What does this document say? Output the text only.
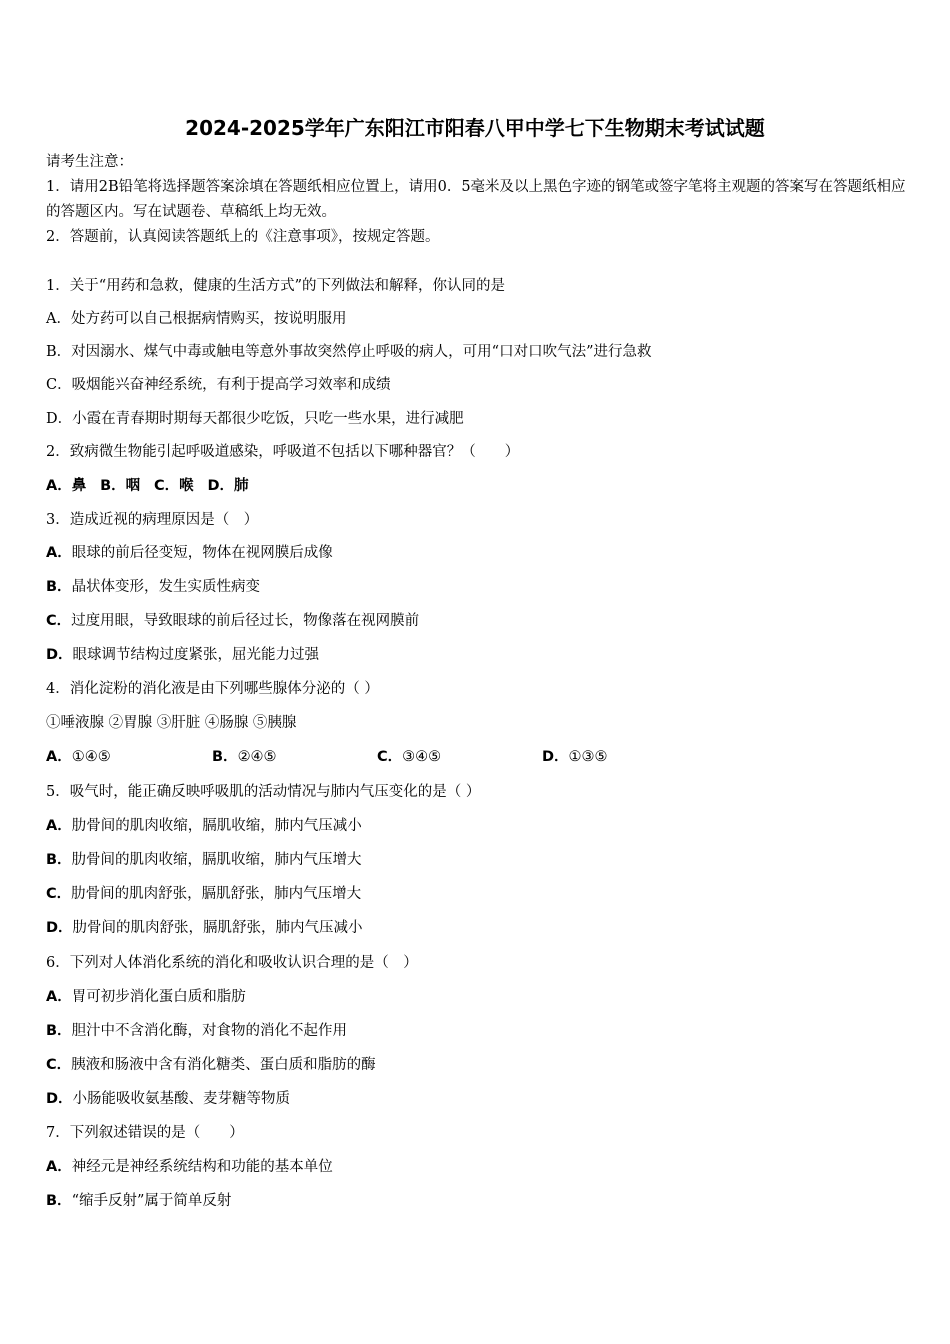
2024-2025学年广东阳江市阳春八甲中学七下生物期末考试试题
请考生注意：
1．请用2B铅笔将选择题答案涂填在答题纸相应位置上，请用0．5毫米及以上黑色字迹的钢笔或签字笔将主观题的答案写在答题纸相应的答题区内。写在试题卷、草稿纸上均无效。
2．答题前，认真阅读答题纸上的《注意事项》，按规定答题。
1．关于“用药和急救，健康的生活方式”的下列做法和解释，你认同的是
A．处方药可以自己根据病情购买，按说明服用
B．对因溺水、煤气中毒或触电等意外事故突然停止呼吸的病人，可用“口对口吹气法”进行急救
C．吸烟能兴奋神经系统，有利于提高学习效率和成绩
D．小霞在青春期时期每天都很少吃饭，只吃一些水果，进行减肥
2．致病微生物能引起呼吸道感染，呼吸道不包括以下哪种器官？（　　）
A．鼻 B．咽 C．喉 D．肺
3．造成近视的病理原因是（　）
A．眼球的前后径变短，物体在视网膜后成像
B．晶状体变形，发生实质性病变
C．过度用眼，导致眼球的前后径过长，物像落在视网膜前
D．眼球调节结构过度紧张，屈光能力过强
4．消化淀粉的消化液是由下列哪些腺体分泌的（ ）
①唾液腺 ②胃腺 ③肝脏 ④肠腺 ⑤胰腺
A．①④⑤	B．②④⑤	C．③④⑤	D．①③⑤
5．吸气时，能正确反映呼吸肌的活动情况与肺内气压变化的是（ ）
A．肋骨间的肌肉收缩，膈肌收缩，肺内气压减小
B．肋骨间的肌肉收缩，膈肌收缩，肺内气压增大
C．肋骨间的肌肉舒张，膈肌舒张，肺内气压增大
D．肋骨间的肌肉舒张，膈肌舒张，肺内气压减小
6．下列对人体消化系统的消化和吸收认识合理的是（　）
A．胃可初步消化蛋白质和脂肪
B．胆汁中不含消化酶，对食物的消化不起作用
C．胰液和肠液中含有消化糖类、蛋白质和脂肪的酶
D．小肠能吸收氨基酸、麦芽糖等物质
7．下列叙述错误的是（　　）
A．神经元是神经系统结构和功能的基本单位
B．“缩手反射”属于简单反射
